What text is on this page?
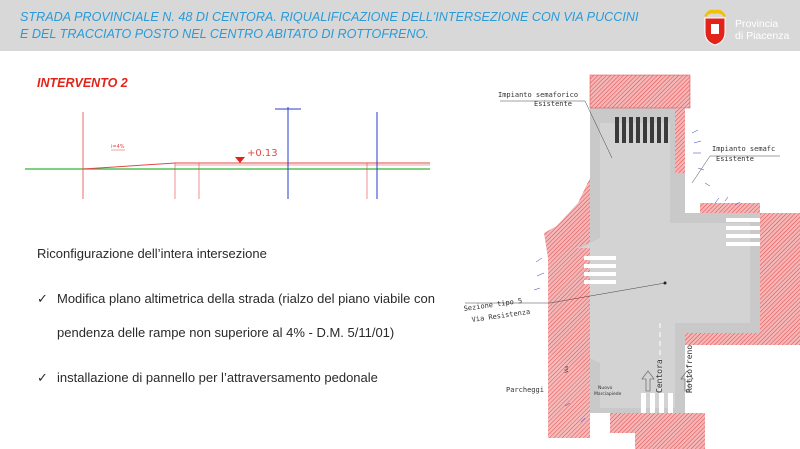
STRADA PROVINCIALE N. 48 DI CENTORA. RIQUALIFICAZIONE DELL'INTERSEZIONE CON VIA PUCCINI
E DEL TRACCIATO POSTO NEL CENTRO ABITATO DI ROTTOFRENO.
Provincia
di Piacenza

INTERVENTO 2

+0.13
i=4%

Riconfigurazione dell’intera intersezione

✓ Modifica plano altimetrica della strada (rialzo del piano viabile con pendenza delle rampe non superiore al 4% - D.M. 5/11/01)
✓ installazione di pannello per l’attraversamento pedonale
Impianto semaforico
Esistente
Impianto semafc
Esistente
Sezione tipo 5
Via Resistenza
Parcheggi	Centora	Rottofreno
Nuovo
Marciapiede
Via
